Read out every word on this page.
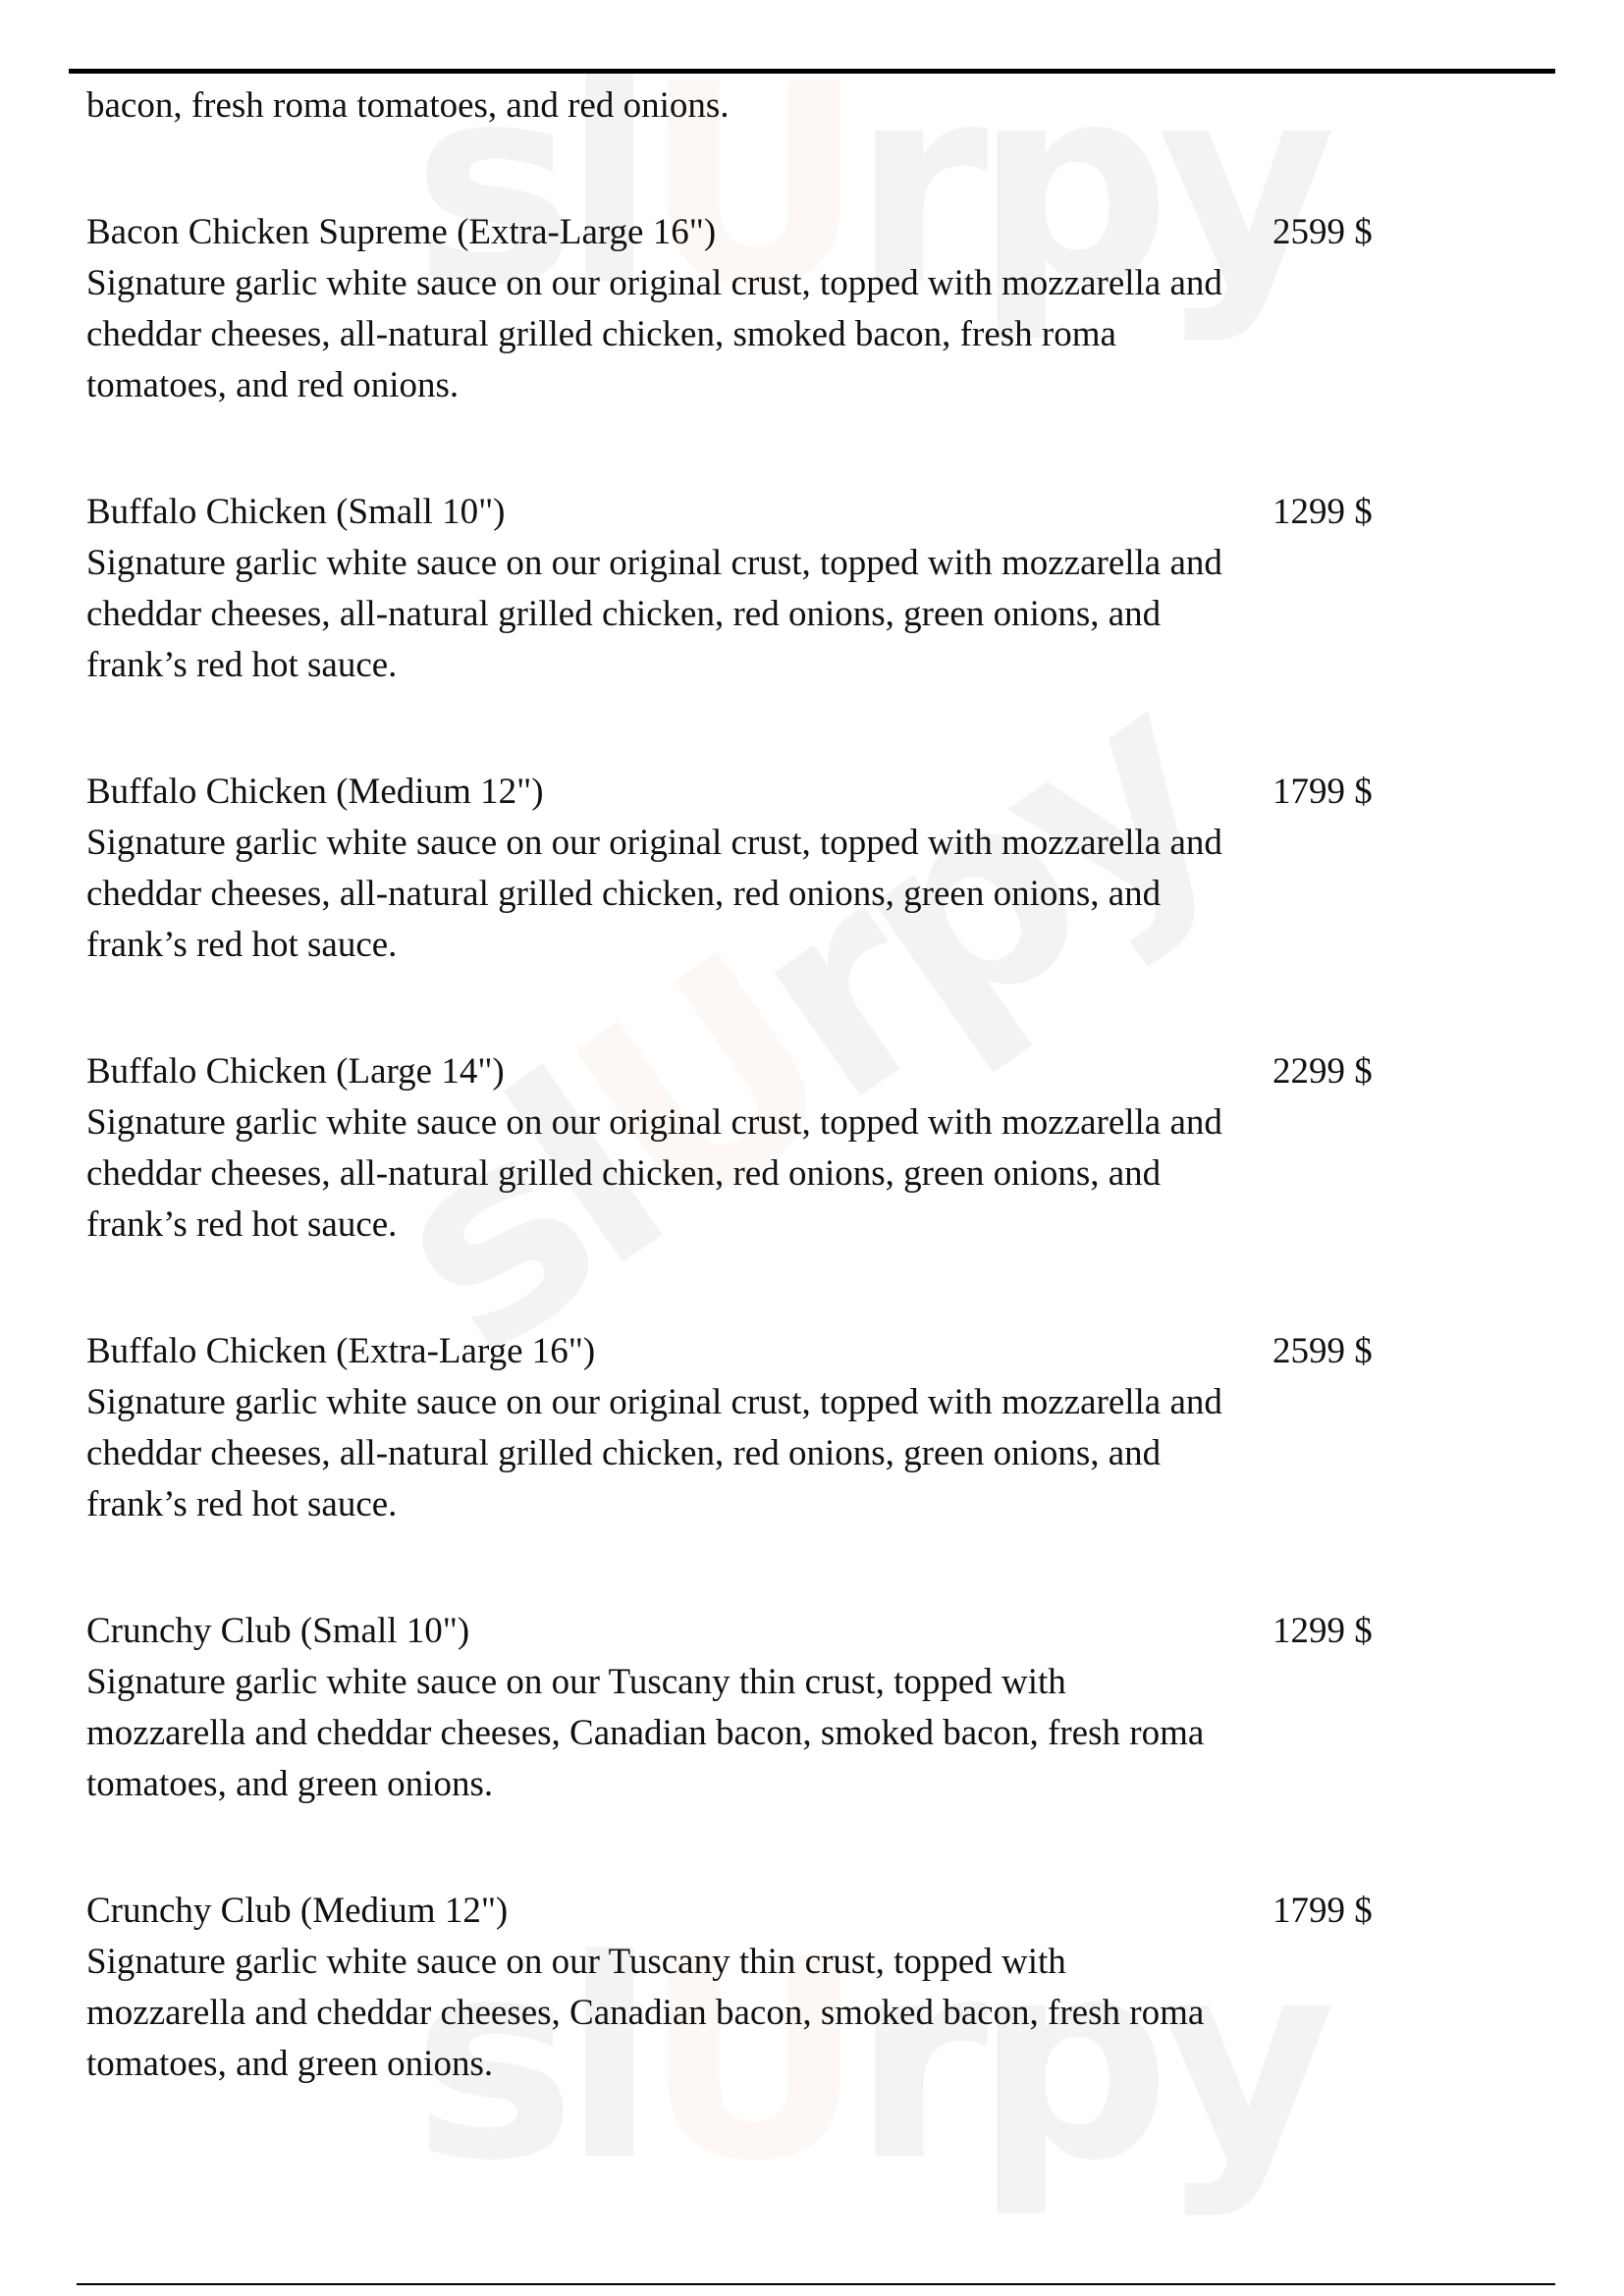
bacon, fresh roma tomatoes, and red onions.

Bacon Chicken Supreme (Extra-Large 16")	2599 $
Signature garlic white sauce on our original crust, topped with mozzarella and cheddar cheeses, all-natural grilled chicken, smoked bacon, fresh roma tomatoes, and red onions.
Buffalo Chicken (Small 10")	1299 $
Signature garlic white sauce on our original crust, topped with mozzarella and cheddar cheeses, all-natural grilled chicken, red onions, green onions, and frank’s red hot sauce.
Buffalo Chicken (Medium 12")	1799 $
Signature garlic white sauce on our original crust, topped with mozzarella and cheddar cheeses, all-natural grilled chicken, red onions, green onions, and frank’s red hot sauce.
Buffalo Chicken (Large 14")	2299 $
Signature garlic white sauce on our original crust, topped with mozzarella and cheddar cheeses, all-natural grilled chicken, red onions, green onions, and frank’s red hot sauce.
Buffalo Chicken (Extra-Large 16")	2599 $
Signature garlic white sauce on our original crust, topped with mozzarella and cheddar cheeses, all-natural grilled chicken, red onions, green onions, and frank’s red hot sauce.
Crunchy Club (Small 10")	1299 $
Signature garlic white sauce on our Tuscany thin crust, topped with mozzarella and cheddar cheeses, Canadian bacon, smoked bacon, fresh roma tomatoes, and green onions.
Crunchy Club (Medium 12")	1799 $
Signature garlic white sauce on our Tuscany thin crust, topped with mozzarella and cheddar cheeses, Canadian bacon, smoked bacon, fresh roma tomatoes, and green onions.
